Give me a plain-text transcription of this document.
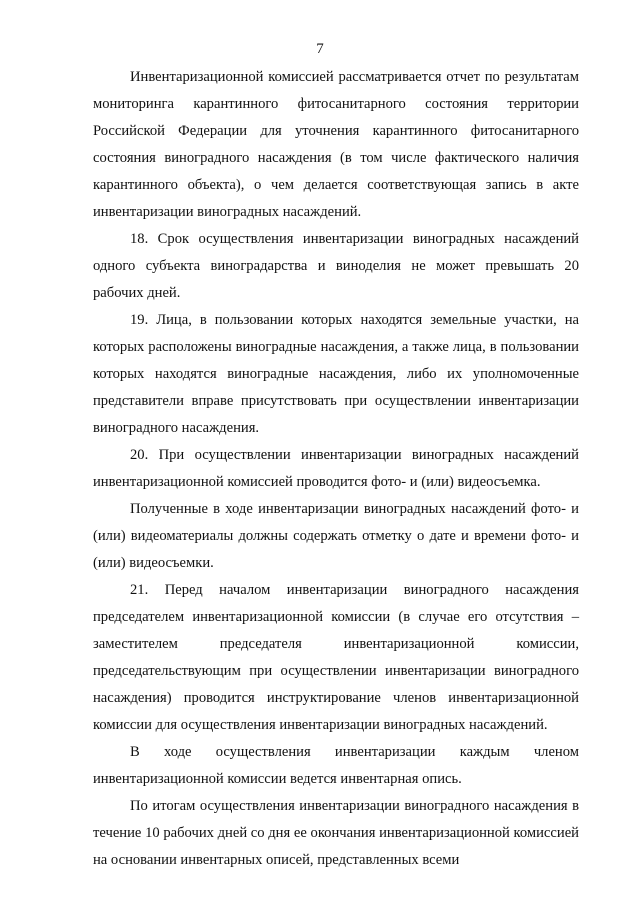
7

Инвентаризационной комиссией рассматривается отчет по результатам мониторинга карантинного фитосанитарного состояния территории Российской Федерации для уточнения карантинного фитосанитарного состояния виноградного насаждения (в том числе фактического наличия карантинного объекта), о чем делается соответствующая запись в акте инвентаризации виноградных насаждений.

18. Срок осуществления инвентаризации виноградных насаждений одного субъекта виноградарства и виноделия не может превышать 20 рабочих дней.

19. Лица, в пользовании которых находятся земельные участки, на которых расположены виноградные насаждения, а также лица, в пользовании которых находятся виноградные насаждения, либо их уполномоченные представители вправе присутствовать при осуществлении инвентаризации виноградного насаждения.

20. При осуществлении инвентаризации виноградных насаждений инвентаризационной комиссией проводится фото- и (или) видеосъемка.

Полученные в ходе инвентаризации виноградных насаждений фото- и (или) видеоматериалы должны содержать отметку о дате и времени фото- и (или) видеосъемки.

21. Перед началом инвентаризации виноградного насаждения председателем инвентаризационной комиссии (в случае его отсутствия – заместителем председателя инвентаризационной комиссии, председательствующим при осуществлении инвентаризации виноградного насаждения) проводится инструктирование членов инвентаризационной комиссии для осуществления инвентаризации виноградных насаждений.

В ходе осуществления инвентаризации каждым членом инвентаризационной комиссии ведется инвентарная опись.

По итогам осуществления инвентаризации виноградного насаждения в течение 10 рабочих дней со дня ее окончания инвентаризационной комиссией на основании инвентарных описей, представленных всеми
